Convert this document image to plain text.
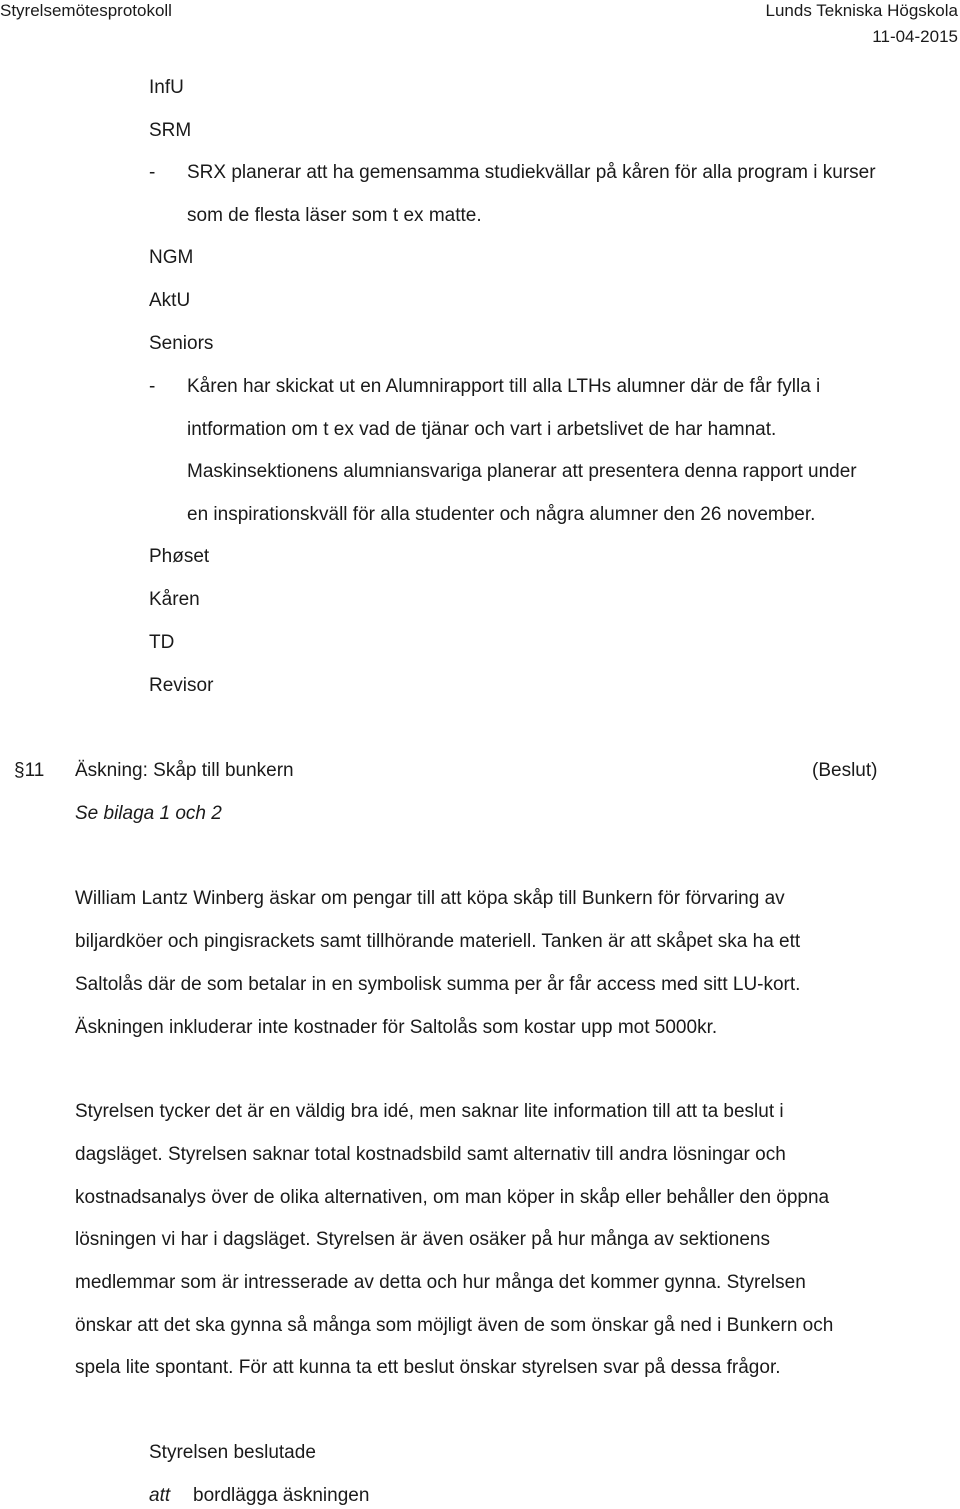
Styrelsemötesprotokoll	Lunds Tekniska Högskola
11-04-2015
InfU
SRM
- SRX planerar att ha gemensamma studiekvällar på kåren för alla program i kurser
som de flesta läser som t ex matte.
NGM
AktU
Seniors
- Kåren har skickat ut en Alumnirapport till alla LTHs alumner där de får fylla i
intformation om t ex vad de tjänar och vart i arbetslivet de har hamnat.
Maskinsektionens alumniansvariga planerar att presentera denna rapport under
en inspirationskväll för alla studenter och några alumner den 26 november.
Phøset
Kåren
TD
Revisor
§11 Äskning: Skåp till bunkern	(Beslut)
Se bilaga 1 och 2
William Lantz Winberg äskar om pengar till att köpa skåp till Bunkern för förvaring av
biljardköer och pingisrackets samt tillhörande materiell. Tanken är att skåpet ska ha ett
Saltolås där de som betalar in en symbolisk summa per år får access med sitt LU-kort.
Äskningen inkluderar inte kostnader för Saltolås som kostar upp mot 5000kr.
Styrelsen tycker det är en väldig bra idé, men saknar lite information till att ta beslut i
dagsläget. Styrelsen saknar total kostnadsbild samt alternativ till andra lösningar och
kostnadsanalys över de olika alternativen, om man köper in skåp eller behåller den öppna
lösningen vi har i dagsläget. Styrelsen är även osäker på hur många av sektionens
medlemmar som är intresserade av detta och hur många det kommer gynna. Styrelsen
önskar att det ska gynna så många som möjligt även de som önskar gå ned i Bunkern och
spela lite spontant. För att kunna ta ett beslut önskar styrelsen svar på dessa frågor.
Styrelsen beslutade
att bordlägga äskningen
